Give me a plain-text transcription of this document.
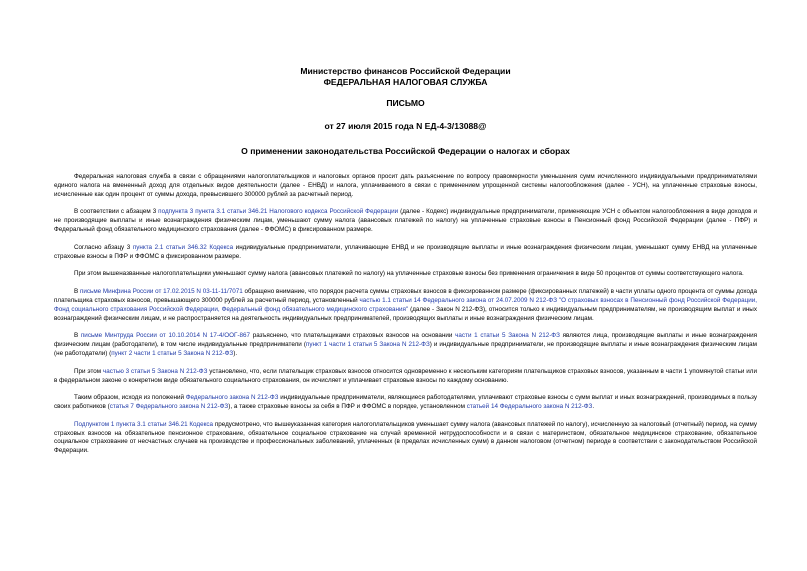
Министерство финансов Российской Федерации
ФЕДЕРАЛЬНАЯ НАЛОГОВАЯ СЛУЖБА
ПИСЬМО
от 27 июля 2015 года N ЕД-4-3/13088@
О применении законодательства Российской Федерации о налогах и сборах

Федеральная налоговая служба в связи с обращениями налогоплательщиков и налоговых органов просит дать разъяснение по вопросу правомерности уменьшения сумм исчисленного индивидуальными предпринимателями единого налога на вмененный доход для отдельных видов деятельности (далее - ЕНВД) и налога, уплачиваемого в связи с применением упрощенной системы налогообложения (далее - УСН), на уплаченные страховые взносы, исчисленные как один процент от суммы дохода, превысившего 300000 рублей за расчетный период.

В соответствии с абзацем 3 подпункта 3 пункта 3.1 статьи 346.21 Налогового кодекса Российской Федерации (далее - Кодекс) индивидуальные предприниматели, применяющие УСН с объектом налогообложения в виде доходов и не производящие выплаты и иные вознаграждения физическим лицам, уменьшают сумму налога (авансовых платежей по налогу) на уплаченные страховые взносы в Пенсионный фонд Российской Федерации (далее - ПФР) и Федеральный фонд обязательного медицинского страхования (далее - ФФОМС) в фиксированном размере.

Согласно абзацу 3 пункта 2.1 статьи 346.32 Кодекса индивидуальные предприниматели, уплачивающие ЕНВД и не производящие выплаты и иные вознаграждения физическим лицам, уменьшают сумму ЕНВД на уплаченные страховые взносы в ПФР и ФФОМС в фиксированном размере.

При этом вышеназванные налогоплательщики уменьшают сумму налога (авансовых платежей по налогу) на уплаченные страховые взносы без применения ограничения в виде 50 процентов от суммы соответствующего налога.

В письме Минфина России от 17.02.2015 N 03-11-11/7071 обращено внимание, что порядок расчета суммы страховых взносов в фиксированном размере (фиксированных платежей) в части уплаты одного процента от суммы дохода плательщика страховых взносов, превышающего 300000 рублей за расчетный период, установленный частью 1.1 статьи 14 Федерального закона от 24.07.2009 N 212-ФЗ "О страховых взносах в Пенсионный фонд Российской Федерации, Фонд социального страхования Российской Федерации, Федеральный фонд обязательного медицинского страхования" (далее - Закон N 212-ФЗ), относится только к индивидуальным предпринимателям, не производящим выплат и иных вознаграждений физическим лицам, и не распространяется на деятельность индивидуальных предпринимателей, производящих выплаты и иные вознаграждения физическим лицам.

В письме Минтруда России от 10.10.2014 N 17-4/ООГ-867 разъяснено, что плательщиками страховых взносов на основании части 1 статьи 5 Закона N 212-ФЗ являются лица, производящие выплаты и иные вознаграждения физическим лицам (работодатели), в том числе индивидуальные предприниматели (пункт 1 части 1 статьи 5 Закона N 212-ФЗ) и индивидуальные предприниматели, не производящие выплаты и иные вознаграждения физическим лицам (не работодатели) (пункт 2 части 1 статьи 5 Закона N 212-ФЗ).

При этом частью 3 статьи 5 Закона N 212-ФЗ установлено, что, если плательщик страховых взносов относится одновременно к нескольким категориям плательщиков страховых взносов, указанным в части 1 упомянутой статьи или в федеральном законе о конкретном виде обязательного социального страхования, он исчисляет и уплачивает страховые взносы по каждому основанию.

Таким образом, исходя из положений Федерального закона N 212-ФЗ индивидуальные предприниматели, являющиеся работодателями, уплачивают страховые взносы с сумм выплат и иных вознаграждений, производимых в пользу своих работников (статья 7 Федерального закона N 212-ФЗ), а также страховые взносы за себя в ПФР и ФФОМС в порядке, установленном статьей 14 Федерального закона N 212-ФЗ.

Подпунктом 1 пункта 3.1 статьи 346.21 Кодекса предусмотрено, что вышеуказанная категория налогоплательщиков уменьшает сумму налога (авансовых платежей по налогу), исчисленную за налоговый (отчетный) период, на сумму страховых взносов на обязательное пенсионное страхование, обязательное социальное страхование на случай временной нетрудоспособности и в связи с материнством, обязательное медицинское страхование, обязательное социальное страхование от несчастных случаев на производстве и профессиональных заболеваний, уплаченных (в пределах исчисленных сумм) в данном налоговом (отчетном) периоде в соответствии с законодательством Российской Федерации.
